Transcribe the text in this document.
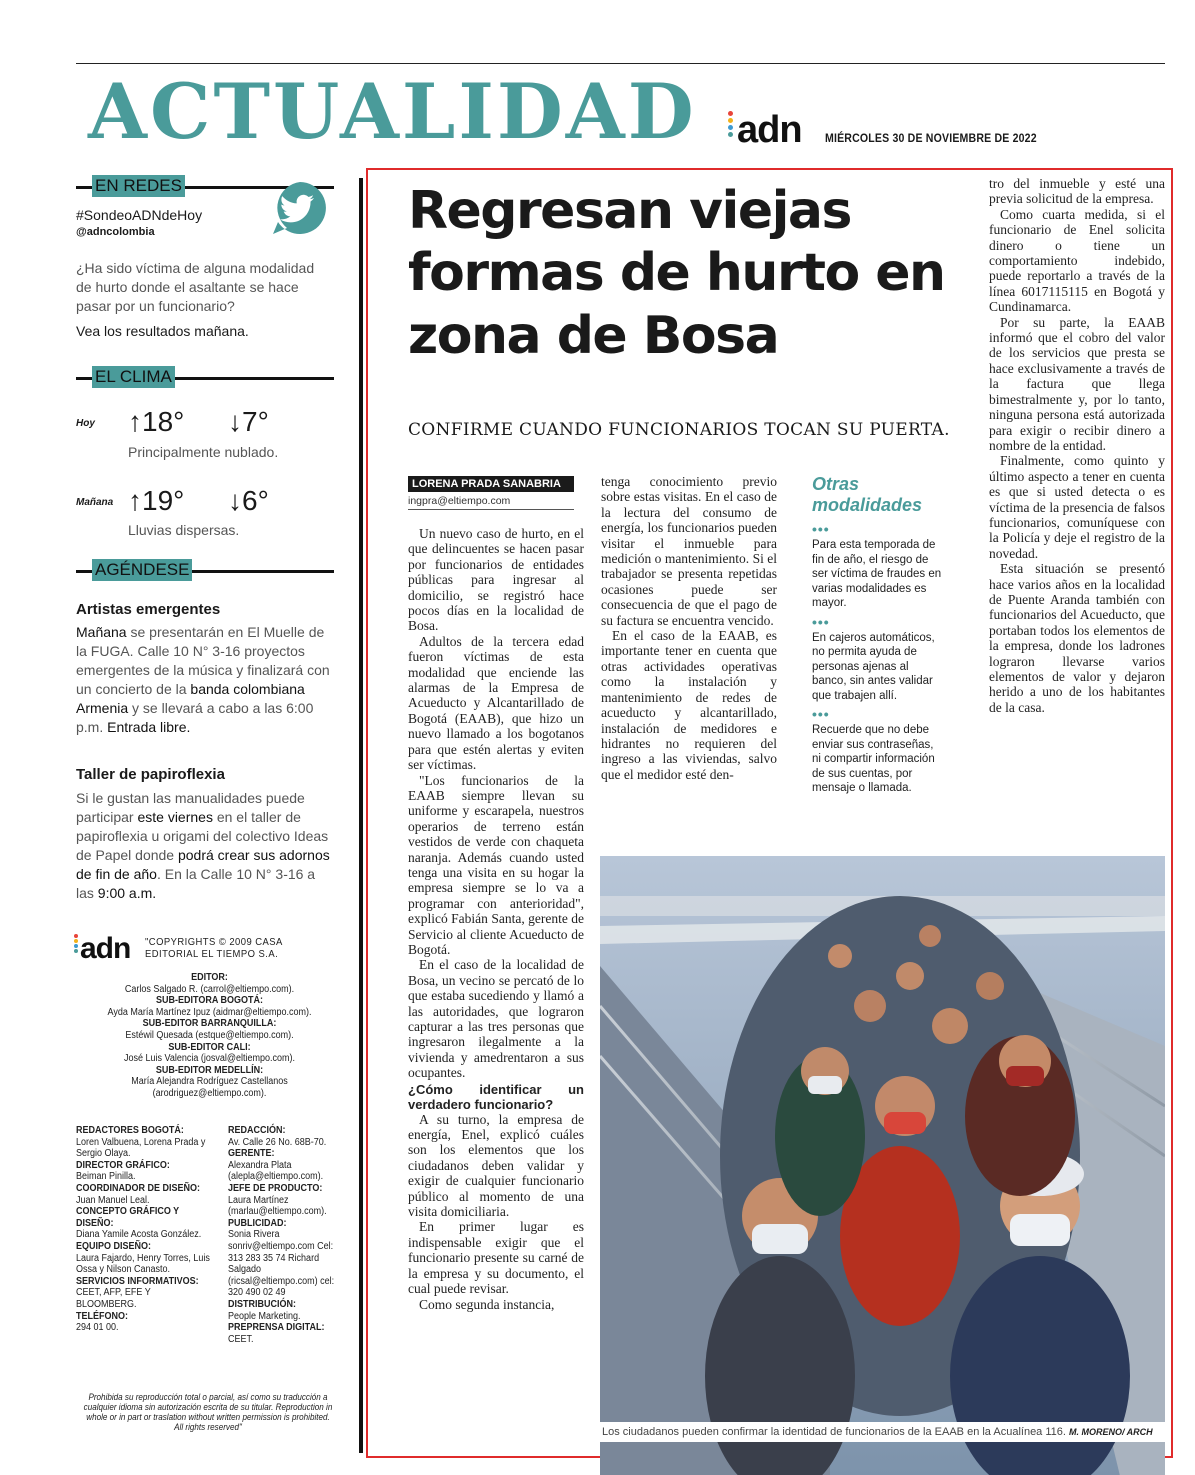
ACTUALIDAD adn MIÉRCOLES 30 DE NOVIEMBRE DE 2022
EN REDES
#SondeoADNdeHoy
@adncolombia
¿Ha sido víctima de alguna modalidad de hurto donde el asaltante se hace pasar por un funcionario?
Vea los resultados mañana.
EL CLIMA
Hoy	↑18°	↓7°
Principalmente nublado.
Mañana ↑19°	↓6°
Lluvias dispersas.
AGÉNDESE
Artistas emergentes
Mañana se presentarán en El Muelle de la FUGA. Calle 10 N° 3-16 proyectos emergentes de la música y finalizará con un concierto de la banda colombiana Armenia y se llevará a cabo a las 6:00 p.m. Entrada libre.
Taller de papiroflexia
Si le gustan las manualidades puede participar este viernes en el taller de papiroflexia u origami del colectivo Ideas de Papel donde podrá crear sus adornos de fin de año. En la Calle 10 N° 3-16 a las 9:00 a.m.
adn "COPYRIGHTS © 2009 CASA EDITORIAL EL TIEMPO S.A.
EDITOR:
Carlos Salgado R. (carrol@eltiempo.com).
SUB-EDITORA BOGOTÁ:
Ayda María Martínez Ipuz (aidmar@eltiempo.com).
SUB-EDITOR BARRANQUILLA:
Estéwil Quesada (estque@eltiempo.com).
SUB-EDITOR CALI:
José Luis Valencia (josval@eltiempo.com).
SUB-EDITOR MEDELLÍN:
María Alejandra Rodríguez Castellanos (arodriguez@eltiempo.com).
REDACTORES BOGOTÁ:
Loren Valbuena, Lorena Prada y Sergio Olaya.
DIRECTOR GRÁFICO:
Beiman Pinilla.
COORDINADOR DE DISEÑO:
Juan Manuel Leal.
CONCEPTO GRÁFICO Y DISEÑO:
Diana Yamile Acosta González.
EQUIPO DISEÑO:
Laura Fajardo, Henry Torres, Luis Ossa y Nilson Canasto.
SERVICIOS INFORMATIVOS:
CEET, AFP, EFE Y BLOOMBERG.
TELÉFONO:
294 01 00.
REDACCIÓN:
Av. Calle 26 No. 68B-70.
GERENTE:
Alexandra Plata (alepla@eltiempo.com).
JEFE DE PRODUCTO:
Laura Martínez (marlau@eltiempo.com).
PUBLICIDAD:
Sonia Rivera sonriv@eltiempo.com Cel: 313 283 35 74 Richard Salgado (ricsal@eltiempo.com) cel: 320 490 02 49
DISTRIBUCIÓN:
People Marketing.
PREPRENSA DIGITAL:
CEET.
Prohibida su reproducción total o parcial, así como su traducción a cualquier idioma sin autorización escrita de su titular. Reproduction in whole or in part or traslation without written permission is prohibited. All rights reserved"
Regresan viejas formas de hurto en zona de Bosa
CONFIRME CUANDO FUNCIONARIOS TOCAN SU PUERTA.
LORENA PRADA SANABRIA
ingpra@eltiempo.com

Un nuevo caso de hurto, en el que delincuentes se hacen pasar por funcionarios de entidades públicas para ingresar al domicilio, se registró hace pocos días en la localidad de Bosa.

Adultos de la tercera edad fueron víctimas de esta modalidad que enciende las alarmas de la Empresa de Acueducto y Alcantarillado de Bogotá (EAAB), que hizo un nuevo llamado a los bogotanos para que estén alertas y eviten ser víctimas.

"Los funcionarios de la EAAB siempre llevan su uniforme y escarapela, nuestros operarios de terreno están vestidos de verde con chaqueta naranja. Además cuando usted tenga una visita en su hogar la empresa siempre se lo va a programar con anterioridad", explicó Fabián Santa, gerente de Servicio al cliente Acueducto de Bogotá.

En el caso de la localidad de Bosa, un vecino se percató de lo que estaba sucediendo y llamó a las autoridades, que lograron capturar a las tres personas que ingresaron ilegalmente a la vivienda y amedrentaron a sus ocupantes.

¿Cómo identificar un verdadero funcionario?

A su turno, la empresa de energía, Enel, explicó cuáles son los elementos que los ciudadanos deben validar y exigir de cualquier funcionario público al momento de una visita domiciliaria.

En primer lugar es indispensable exigir que el funcionario presente su carné de la empresa y su documento, el cual puede revisar.

Como segunda instancia,

tenga conocimiento previo sobre estas visitas. En el caso de la lectura del consumo de energía, los funcionarios pueden visitar el inmueble para medición o mantenimiento. Si el trabajador se presenta repetidas ocasiones puede ser consecuencia de que el pago de su factura se encuentra vencido.

En el caso de la EAAB, es importante tener en cuenta que otras actividades operativas como la instalación y mantenimiento de redes de acueducto y alcantarillado, instalación de medidores e hidrantes no requieren del ingreso a las viviendas, salvo que el medidor esté den-

Otras modalidades
•••
Para esta temporada de fin de año, el riesgo de ser víctima de fraudes en varias modalidades es mayor.
•••
En cajeros automáticos, no permita ayuda de personas ajenas al banco, sin antes validar que trabajen allí.
•••
Recuerde que no debe enviar sus contraseñas, ni compartir información de sus cuentas, por mensaje o llamada.

tro del inmueble y esté una previa solicitud de la empresa.

Como cuarta medida, si el funcionario de Enel solicita dinero o tiene un comportamiento indebido, puede reportarlo a través de la línea 6017115115 en Bogotá y Cundinamarca.

Por su parte, la EAAB informó que el cobro del valor de los servicios que presta se hace exclusivamente a través de la factura que llega bimestralmente y, por lo tanto, ninguna persona está autorizada para exigir o recibir dinero a nombre de la entidad.

Finalmente, como quinto y último aspecto a tener en cuenta es que si usted detecta o es víctima de la presencia de falsos funcionarios, comuníquese con la Policía y deje el registro de la novedad.

Esta situación se presentó hace varios años en la localidad de Puente Aranda también con funcionarios del Acueducto, que portaban todos los elementos de la empresa, donde los ladrones lograron llevarse varios elementos de valor y dejaron herido a uno de los habitantes de la casa.

Los ciudadanos pueden confirmar la identidad de funcionarios de la EAAB en la Acualínea 116. M. MORENO/ ARCH
